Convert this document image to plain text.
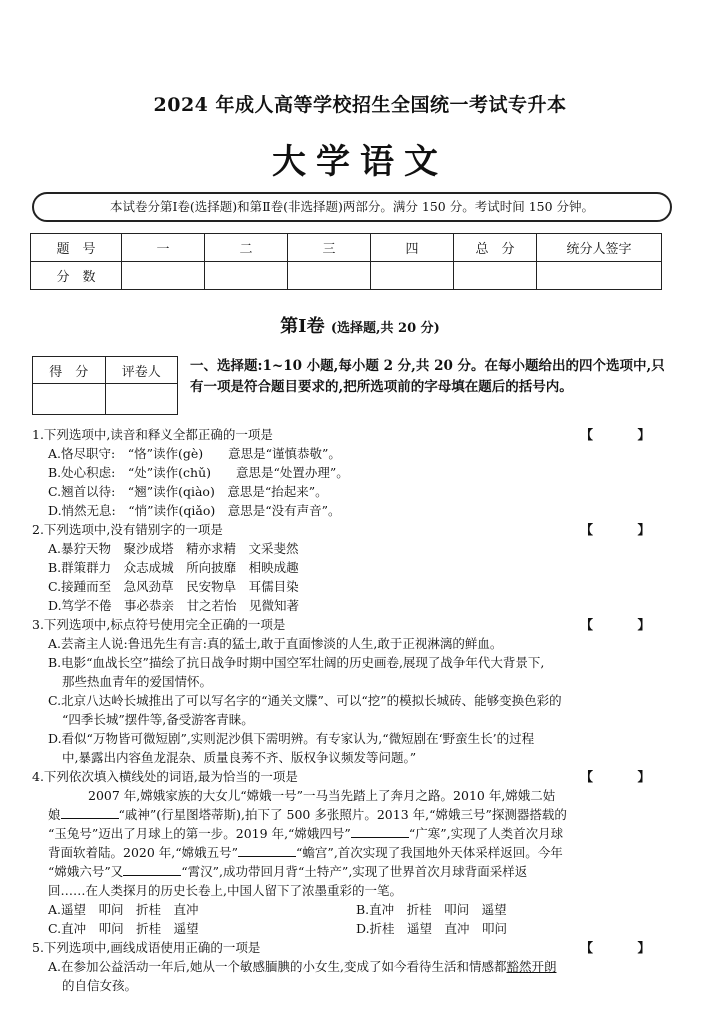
2024 年成人高等学校招生全国统一考试专升本
大学语文
本试卷分第Ⅰ卷(选择题)和第Ⅱ卷(非选择题)两部分。满分 150 分。考试时间 150 分钟。
题　号	一	二	三	四	总　分	统分人签字
分　数						
第Ⅰ卷 (选择题,共 20 分)
得　分	评卷人
	一、选择题:1~10 小题,每小题 2 分,共 20 分。在每小题给出的四个选项中,只有一项是符合题目要求的,把所选项前的字母填在题后的括号内。
1.下列选项中,读音和释义全都正确的一项是	【　】
A.恪尽职守:　“恪”读作(gè)　　意思是“谨慎恭敬”。
B.处心积虑:　“处”读作(chǔ)　　意思是“处置办理”。
C.翘首以待:　“翘”读作(qiào)　意思是“抬起来”。
D.悄然无息:　“悄”读作(qiǎo)　意思是“没有声音”。
2.下列选项中,没有错别字的一项是	【　】
A.暴狞天物　聚沙成塔　精亦求精　文采斐然
B.群策群力　众志成城　所向披靡　相映成趣
C.接踵而至　急风劲草　民安物阜　耳儒目染
D.笃学不倦　事必恭亲　甘之若怡　见微知著
3.下列选项中,标点符号使用完全正确的一项是	【　】
A.芸斋主人说:鲁迅先生有言:真的猛士,敢于直面惨淡的人生,敢于正视淋漓的鲜血。
B.电影“血战长空”描绘了抗日战争时期中国空军壮阔的历史画卷,展现了战争年代大背景下,
那些热血青年的爱国情怀。
C.北京八达岭长城推出了可以写名字的“通关文牒”、可以“挖”的模拟长城砖、能够变换色彩的
“四季长城”摆件等,备受游客青睐。
D.看似“万物皆可微短剧”,实则泥沙俱下需明辨。有专家认为,“微短剧在‘野蛮生长’的过程
中,暴露出内容鱼龙混杂、质量良莠不齐、版权争议频发等问题。”
4.下列依次填入横线处的词语,最为恰当的一项是	【　】
2007 年,嫦娥家族的大女儿“嫦娥一号”一马当先踏上了奔月之路。2010 年,嫦娥二姑
娘	“戚神”(行星图塔蒂斯),拍下了 500 多张照片。2013 年,“嫦娥三号”探测器搭载的
“玉兔号”迈出了月球上的第一步。2019 年,“嫦娥四号”	“广寒”,实现了人类首次月球
背面软着陆。2020 年,“嫦娥五号”	“蟾宫”,首次实现了我国地外天体采样返回。今年
“嫦娥六号”又	“霄汉”,成功带回月背“土特产”,实现了世界首次月球背面采样返
回……在人类探月的历史长卷上,中国人留下了浓墨重彩的一笔。
A.遥望　叩问　折桂　直冲	B.直冲　折桂　叩问　遥望
C.直冲　叩问　折桂　遥望	D.折桂　遥望　直冲　叩问
5.下列选项中,画线成语使用正确的一项是	【　】
A.在参加公益活动一年后,她从一个敏感腼腆的小女生,变成了如今看待生活和情感都豁然开朗
的自信女孩。
